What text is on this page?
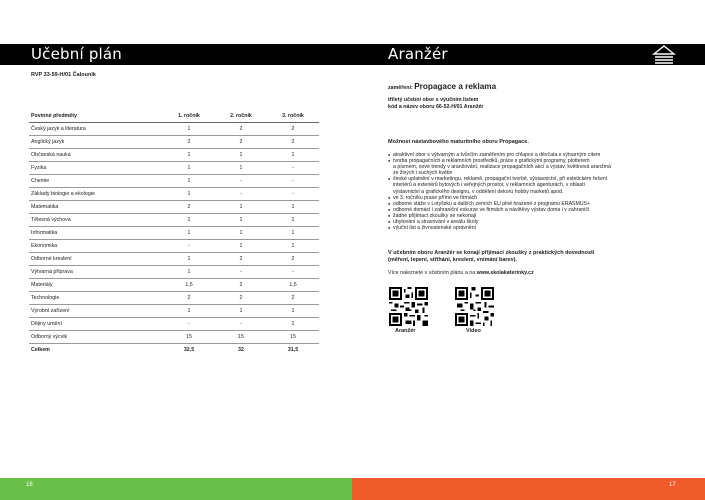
Učební plán	Aranžér

RVP 33-59-H/01 Čalouník

Povinné předměty	1. ročník	2. ročník	3. ročník
Český jazyk a literatura	1	2	2
Anglický jazyk	2	2	2
Občanská nauka	1	1	1
Fyzika	1	1	-
Chemie	1	-	-
Základy biologie a ekologie	1	-	-
Matematika	2	1	1
Tělesná výchova	1	1	1
Informatika	1	1	1
Ekonomika	-	1	1
Odborné kreslení	1	2	2
Výtvarná příprava	1	-	-
Materiály	1,5	2	1,5
Technologie	2	2	2
Výrobní zařízení	1	1	1
Dějiny umění	-	-	1
Odborný výcvik	15	15	15
Celkem	32,5	32	31,5
zaměření: Propagace a reklama
tříletý učební obor s výučním listem
kód a název oboru 66-52-H/01 Aranžér
Možnost nástavbového maturitního oboru Propagace.
● atraktivní obor s výtvarným a tvůrčím zaměřením pro chlapce a děvčata s výtvarným citem
● tvorba propagačních a reklamních prostředků, práce s grafickými programy, plotterem
a písmem, nové trendy v aranžování, realizace propagačních akcí a výstav, květinová aranžmá
ze živých i suchých květin
● široké uplatnění v marketingu, reklamě, propagační tvorbě, výstavnictví, při estetickém řešení
interiérů a exteriérů bytových i veřejných prostor, v reklamních agenturách, v oblasti
výstavnictví a grafického designu, v oddělení dekoru hobby marketů apod.
● ve 3. ročníku praxe přímo ve firmách
● odborné stáže v Lotyšsku a dalších zemích EU plně hrazené z programu ERASMUS+
● odborné domácí i zahraniční exkurze ve firmách a návštěvy výstav doma i v zahraničí
● žádné přijímací zkoušky se nekonají
● ubytování a stravování v areálu školy
● výuční list a živnostenské oprávnění
V učebním oboru Aranžér se konají přijímací zkoušky z praktických dovedností
(měření, lepení, stříhání, kreslení, vnímání barev).
Více naleznete v učebním plánu a na www.skolakaterinky.cz
Aranžér	Video
16	17
